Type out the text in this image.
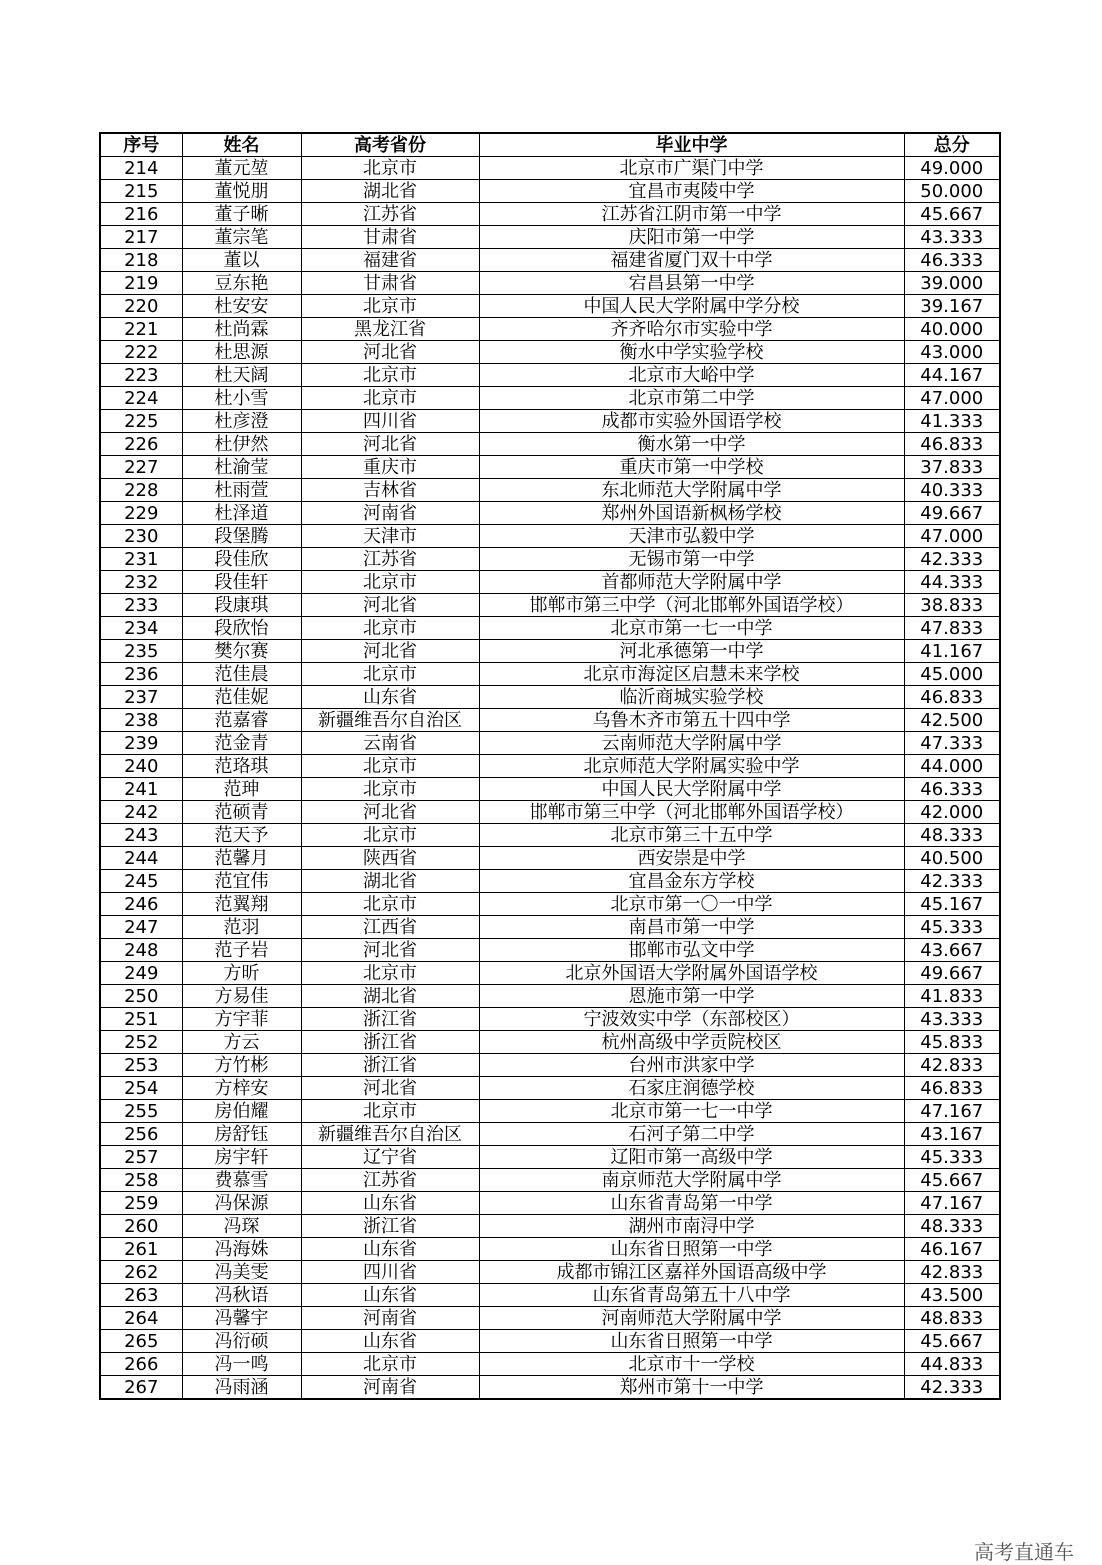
序号	姓名	高考省份	毕业中学	总分
214	董元堃	北京市	北京市广渠门中学	49.000
215	董悦朋	湖北省	宜昌市夷陵中学	50.000
216	董子晰	江苏省	江苏省江阴市第一中学	45.667
217	董宗笔	甘肃省	庆阳市第一中学	43.333
218	董以	福建省	福建省厦门双十中学	46.333
219	豆东艳	甘肃省	宕昌县第一中学	39.000
220	杜安安	北京市	中国人民大学附属中学分校	39.167
221	杜尚霖	黑龙江省	齐齐哈尔市实验中学	40.000
222	杜思源	河北省	衡水中学实验学校	43.000
223	杜天阔	北京市	北京市大峪中学	44.167
224	杜小雪	北京市	北京市第二中学	47.000
225	杜彦澄	四川省	成都市实验外国语学校	41.333
226	杜伊然	河北省	衡水第一中学	46.833
227	杜渝莹	重庆市	重庆市第一中学校	37.833
228	杜雨萱	吉林省	东北师范大学附属中学	40.333
229	杜泽道	河南省	郑州外国语新枫杨学校	49.667
230	段堡腾	天津市	天津市弘毅中学	47.000
231	段佳欣	江苏省	无锡市第一中学	42.333
232	段佳轩	北京市	首都师范大学附属中学	44.333
233	段康琪	河北省	邯郸市第三中学（河北邯郸外国语学校）	38.833
234	段欣怡	北京市	北京市第一七一中学	47.833
235	樊尔赛	河北省	河北承德第一中学	41.167
236	范佳晨	北京市	北京市海淀区启慧未来学校	45.000
237	范佳妮	山东省	临沂商城实验学校	46.833
238	范嘉睿	新疆维吾尔自治区	乌鲁木齐市第五十四中学	42.500
239	范金青	云南省	云南师范大学附属中学	47.333
240	范珞琪	北京市	北京师范大学附属实验中学	44.000
241	范珅	北京市	中国人民大学附属中学	46.333
242	范硕青	河北省	邯郸市第三中学（河北邯郸外国语学校）	42.000
243	范天予	北京市	北京市第三十五中学	48.333
244	范馨月	陕西省	西安崇是中学	40.500
245	范宜伟	湖北省	宜昌金东方学校	42.333
246	范翼翔	北京市	北京市第一〇一中学	45.167
247	范羽	江西省	南昌市第一中学	45.333
248	范子岩	河北省	邯郸市弘文中学	43.667
249	方昕	北京市	北京外国语大学附属外国语学校	49.667
250	方易佳	湖北省	恩施市第一中学	41.833
251	方宇菲	浙江省	宁波效实中学（东部校区）	43.333
252	方云	浙江省	杭州高级中学贡院校区	45.833
253	方竹彬	浙江省	台州市洪家中学	42.833
254	方梓安	河北省	石家庄润德学校	46.833
255	房伯耀	北京市	北京市第一七一中学	47.167
256	房舒钰	新疆维吾尔自治区	石河子第二中学	43.167
257	房宇轩	辽宁省	辽阳市第一高级中学	45.333
258	费慕雪	江苏省	南京师范大学附属中学	45.667
259	冯保源	山东省	山东省青岛第一中学	47.167
260	冯琛	浙江省	湖州市南浔中学	48.333
261	冯海姝	山东省	山东省日照第一中学	46.167
262	冯美雯	四川省	成都市锦江区嘉祥外国语高级中学	42.833
263	冯秋语	山东省	山东省青岛第五十八中学	43.500
264	冯馨宇	河南省	河南师范大学附属中学	48.833
265	冯衍硕	山东省	山东省日照第一中学	45.667
266	冯一鸣	北京市	北京市十一学校	44.833
267	冯雨涵	河南省	郑州市第十一中学	42.333
高考直通车
